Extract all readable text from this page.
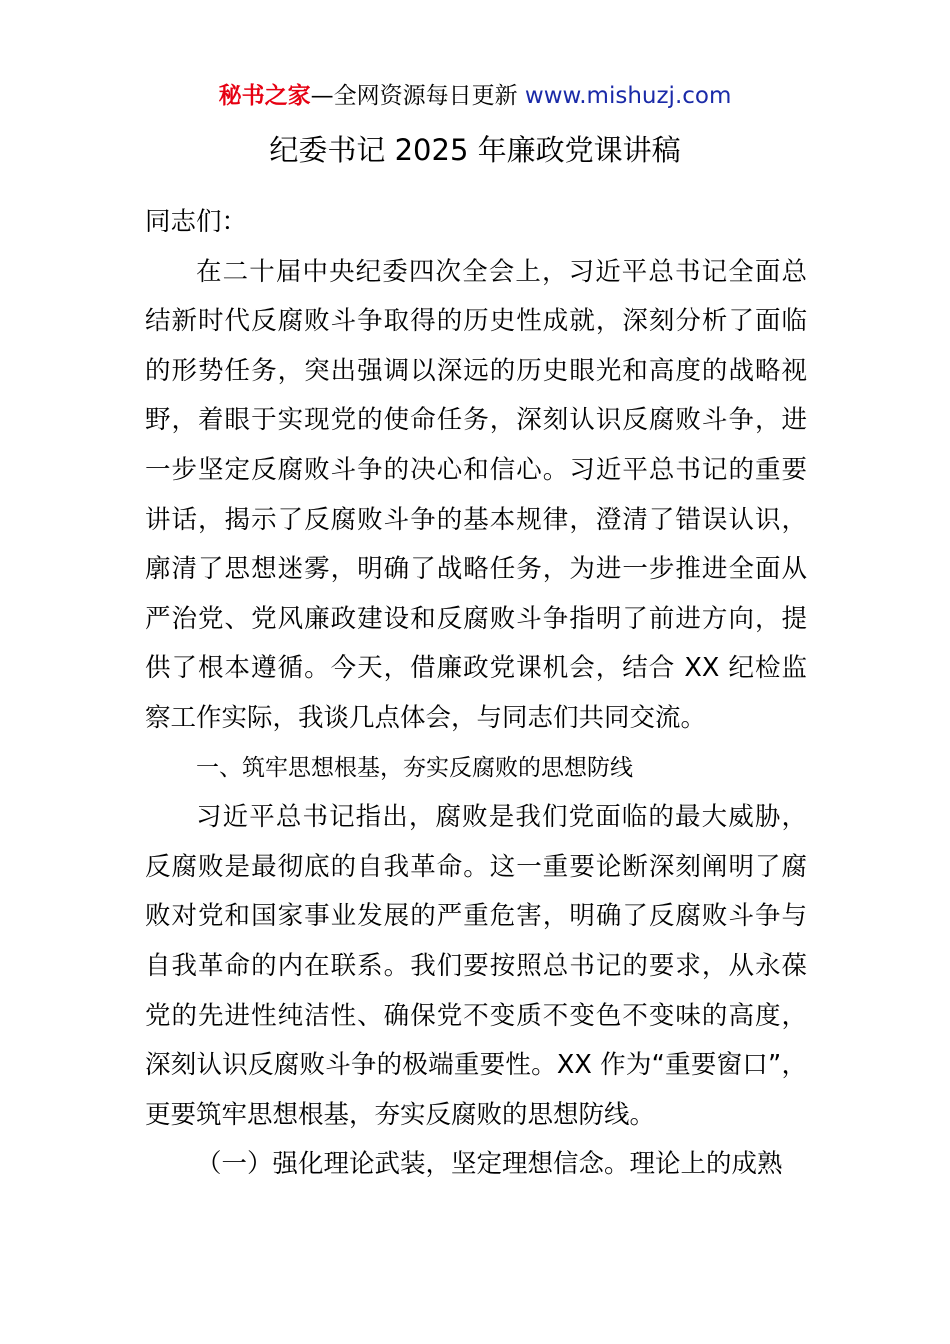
秘书之家—全网资源每日更新 www.mishuzj.com
纪委书记 2025 年廉政党课讲稿

同志们：

在二十届中央纪委四次全会上，习近平总书记全面总结新时代反腐败斗争取得的历史性成就，深刻分析了面临的形势任务，突出强调以深远的历史眼光和高度的战略视野，着眼于实现党的使命任务，深刻认识反腐败斗争，进一步坚定反腐败斗争的决心和信心。习近平总书记的重要讲话，揭示了反腐败斗争的基本规律，澄清了错误认识，廓清了思想迷雾，明确了战略任务，为进一步推进全面从严治党、党风廉政建设和反腐败斗争指明了前进方向，提供了根本遵循。今天，借廉政党课机会，结合 XX 纪检监察工作实际，我谈几点体会，与同志们共同交流。

一、筑牢思想根基，夯实反腐败的思想防线

习近平总书记指出，腐败是我们党面临的最大威胁，反腐败是最彻底的自我革命。这一重要论断深刻阐明了腐败对党和国家事业发展的严重危害，明确了反腐败斗争与自我革命的内在联系。我们要按照总书记的要求，从永葆党的先进性纯洁性、确保党不变质不变色不变味的高度，深刻认识反腐败斗争的极端重要性。XX 作为“重要窗口”，更要筑牢思想根基，夯实反腐败的思想防线。

（一）强化理论武装，坚定理想信念。理论上的成熟
